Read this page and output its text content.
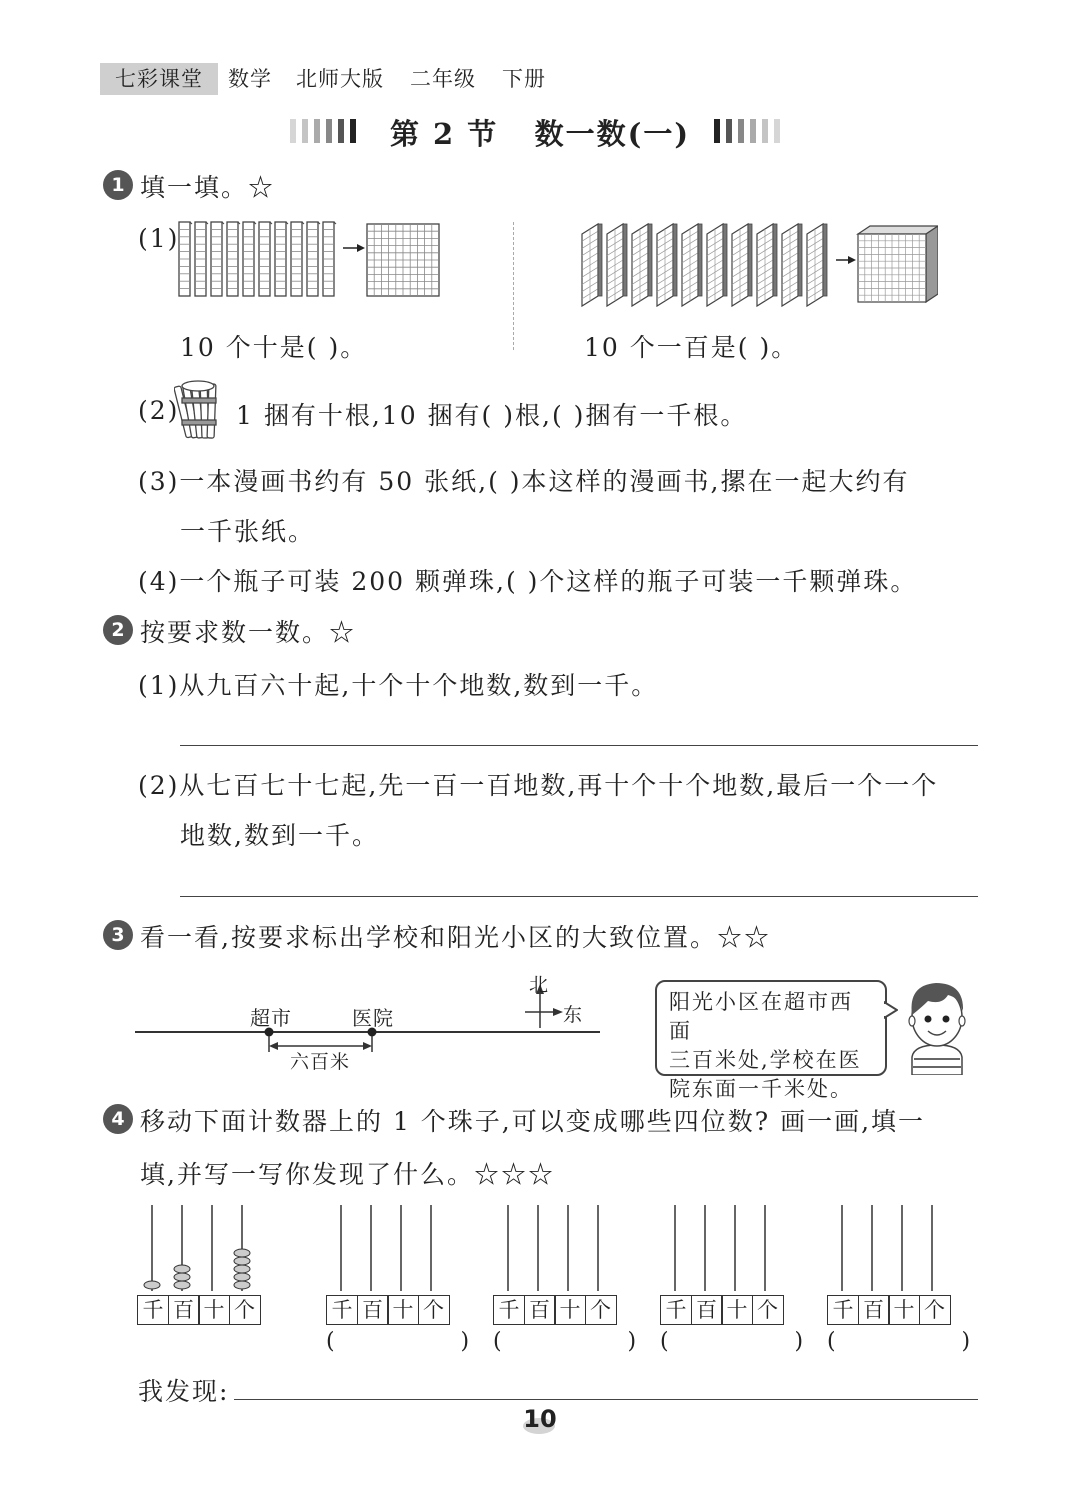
七彩课堂	数学 北师大版 二年级 下册
第 2 节 数一数(一)
1 填一填。☆
(1)
10 个十是( )。	10 个一百是( )。
(2) 1 捆有十根,10 捆有( )根,( )捆有一千根。
(3)一本漫画书约有 50 张纸,( )本这样的漫画书,摞在一起大约有
一千张纸。
(4)一个瓶子可装 200 颗弹珠,( )个这样的瓶子可装一千颗弹珠。
2 按要求数一数。☆
(1)从九百六十起,十个十个地数,数到一千。
(2)从七百七十七起,先一百一百地数,再十个十个地数,最后一个一个
地数,数到一千。
3 看一看,按要求标出学校和阳光小区的大致位置。☆☆
超市	医院
六百米
北
东
阳光小区在超市西面
三百米处,学校在医
院东面一千米处。
4 移动下面计数器上的 1 个珠子,可以变成哪些四位数? 画一画,填一
填,并写一写你发现了什么。☆☆☆
千 百 十 个	千 百 十 个
(                  )
千 百 十 个
(                  )
千 百 十 个
(                  )
千 百 十 个
(                  )
我发现:
10
